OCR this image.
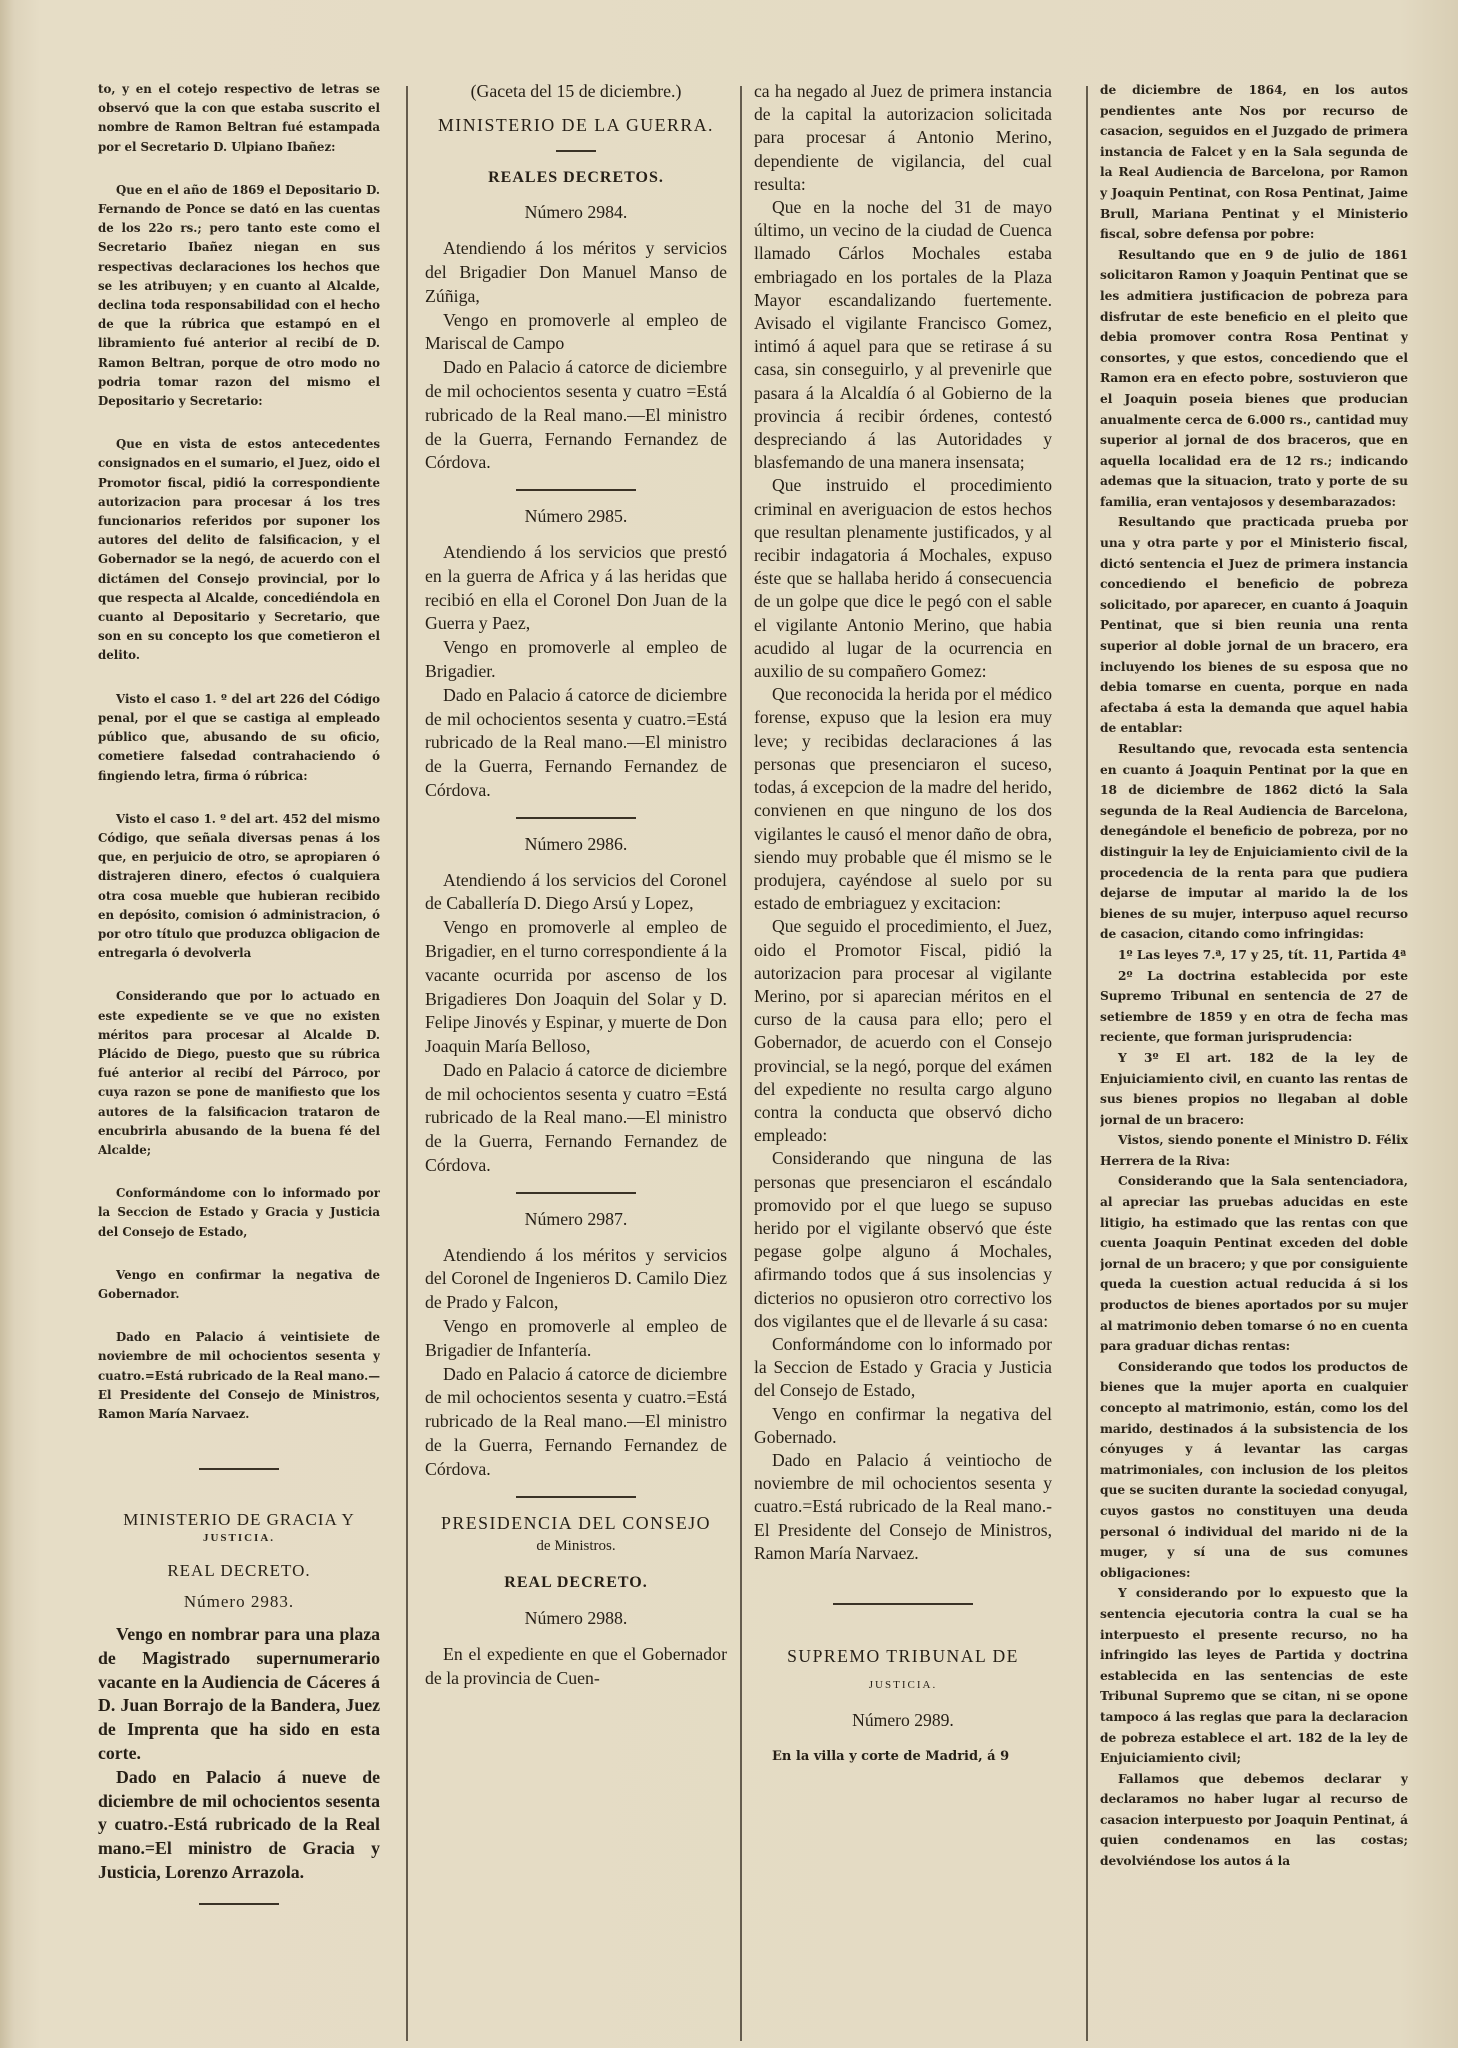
to, y en el cotejo respectivo de letras se observó que la con que estaba suscrito el nombre de Ramon Beltran fué estampada por el Secretario D. Ulpiano Ibañez:

Que en el año de 1869 el Depositario D. Fernando de Ponce se dató en las cuentas de los 22o rs.; pero tanto este como el Secretario Ibañez niegan en sus respectivas declaraciones los hechos que se les atribuyen; y en cuanto al Alcalde, declina toda responsabilidad con el hecho de que la rúbrica que estampó en el libramiento fué anterior al recibí de D. Ramon Beltran, porque de otro modo no podria tomar razon del mismo el Depositario y Secretario:

Que en vista de estos antecedentes consignados en el sumario, el Juez, oido el Promotor fiscal, pidió la correspondiente autorizacion para procesar á los tres funcionarios referidos por suponer los autores del delito de falsificacion, y el Gobernador se la negó, de acuerdo con el dictámen del Consejo provincial, por lo que respecta al Alcalde, concediéndola en cuanto al Depositario y Secretario, que son en su concepto los que cometieron el delito.

Visto el caso 1. º del art 226 del Código penal, por el que se castiga al empleado público que, abusando de su oficio, cometiere falsedad contrahaciendo ó fingiendo letra, firma ó rúbrica:

Visto el caso 1. º del art. 452 del mismo Código, que señala diversas penas á los que, en perjuicio de otro, se apropiaren ó distrajeren dinero, efectos ó cualquiera otra cosa mueble que hubieran recibido en depósito, comision ó administracion, ó por otro título que produzca obligacion de entregarla ó devolverla

Considerando que por lo actuado en este expediente se ve que no existen méritos para procesar al Alcalde D. Plácido de Diego, puesto que su rúbrica fué anterior al recibí del Párroco, por cuya razon se pone de manifiesto que los autores de la falsificacion trataron de encubrirla abusando de la buena fé del Alcalde;

Conformándome con lo informado por la Seccion de Estado y Gracia y Justicia del Consejo de Estado,

Vengo en confirmar la negativa de Gobernador.

Dado en Palacio á veintisiete de noviembre de mil ochocientos sesenta y cuatro.=Está rubricado de la Real mano.—El Presidente del Consejo de Ministros, Ramon María Narvaez.

MINISTERIO DE GRACIA Y
JUSTICIA.
REAL DECRETO.
Número 2983.

Vengo en nombrar para una plaza de Magistrado supernumerario vacante en la Audiencia de Cáceres á D. Juan Borrajo de la Bandera, Juez de Imprenta que ha sido en esta corte.

Dado en Palacio á nueve de diciembre de mil ochocientos sesenta y cuatro.-Está rubricado de la Real mano.=El ministro de Gracia y Justicia, Lorenzo Arrazola.

(Gaceta del 15 de diciembre.)
MINISTERIO DE LA GUERRA.
REALES DECRETOS.
Número 2984.

Atendiendo á los méritos y servicios del Brigadier Don Manuel Manso de Zúñiga,

Vengo en promoverle al empleo de Mariscal de Campo

Dado en Palacio á catorce de diciembre de mil ochocientos sesenta y cuatro =Está rubricado de la Real mano.—El ministro de la Guerra, Fernando Fernandez de Córdova.

Número 2985.

Atendiendo á los servicios que prestó en la guerra de Africa y á las heridas que recibió en ella el Coronel Don Juan de la Guerra y Paez,

Vengo en promoverle al empleo de Brigadier.

Dado en Palacio á catorce de diciembre de mil ochocientos sesenta y cuatro.=Está rubricado de la Real mano.—El ministro de la Guerra, Fernando Fernandez de Córdova.

Número 2986.

Atendiendo á los servicios del Coronel de Caballería D. Diego Arsú y Lopez,

Vengo en promoverle al empleo de Brigadier, en el turno correspondiente á la vacante ocurrida por ascenso de los Brigadieres Don Joaquin del Solar y D. Felipe Jinovés y Espinar, y muerte de Don Joaquin María Belloso,

Dado en Palacio á catorce de diciembre de mil ochocientos sesenta y cuatro =Está rubricado de la Real mano.—El ministro de la Guerra, Fernando Fernandez de Córdova.

Número 2987.

Atendiendo á los méritos y servicios del Coronel de Ingenieros D. Camilo Diez de Prado y Falcon,

Vengo en promoverle al empleo de Brigadier de Infantería.

Dado en Palacio á catorce de diciembre de mil ochocientos sesenta y cuatro.=Está rubricado de la Real mano.—El ministro de la Guerra, Fernando Fernandez de Córdova.

PRESIDENCIA DEL CONSEJO
de Ministros.
REAL DECRETO.
Número 2988.

En el expediente en que el Gobernador de la provincia de Cuen-

ca ha negado al Juez de primera instancia de la capital la autorizacion solicitada para procesar á Antonio Merino, dependiente de vigilancia, del cual resulta:

Que en la noche del 31 de mayo último, un vecino de la ciudad de Cuenca llamado Cárlos Mochales estaba embriagado en los portales de la Plaza Mayor escandalizando fuertemente. Avisado el vigilante Francisco Gomez, intimó á aquel para que se retirase á su casa, sin conseguirlo, y al prevenirle que pasara á la Alcaldía ó al Gobierno de la provincia á recibir órdenes, contestó despreciando á las Autoridades y blasfemando de una manera insensata;

Que instruido el procedimiento criminal en averiguacion de estos hechos que resultan plenamente justificados, y al recibir indagatoria á Mochales, expuso éste que se hallaba herido á consecuencia de un golpe que dice le pegó con el sable el vigilante Antonio Merino, que habia acudido al lugar de la ocurrencia en auxilio de su compañero Gomez:

Que reconocida la herida por el médico forense, expuso que la lesion era muy leve; y recibidas declaraciones á las personas que presenciaron el suceso, todas, á excepcion de la madre del herido, convienen en que ninguno de los dos vigilantes le causó el menor daño de obra, siendo muy probable que él mismo se le produjera, cayéndose al suelo por su estado de embriaguez y excitacion:

Que seguido el procedimiento, el Juez, oido el Promotor Fiscal, pidió la autorizacion para procesar al vigilante Merino, por si aparecian méritos en el curso de la causa para ello; pero el Gobernador, de acuerdo con el Consejo provincial, se la negó, porque del exámen del expediente no resulta cargo alguno contra la conducta que observó dicho empleado:

Considerando que ninguna de las personas que presenciaron el escándalo promovido por el que luego se supuso herido por el vigilante observó que éste pegase golpe alguno á Mochales, afirmando todos que á sus insolencias y dicterios no opusieron otro correctivo los dos vigilantes que el de llevarle á su casa:

Conformándome con lo informado por la Seccion de Estado y Gracia y Justicia del Consejo de Estado,

Vengo en confirmar la negativa del Gobernado.

Dado en Palacio á veintiocho de noviembre de mil ochocientos sesenta y cuatro.=Está rubricado de la Real mano.-El Presidente del Consejo de Ministros, Ramon María Narvaez.

SUPREMO TRIBUNAL DE
JUSTICIA.
Número 2989.

En la villa y corte de Madrid, á 9

de diciembre de 1864, en los autos pendientes ante Nos por recurso de casacion, seguidos en el Juzgado de primera instancia de Falcet y en la Sala segunda de la Real Audiencia de Barcelona, por Ramon y Joaquin Pentinat, con Rosa Pentinat, Jaime Brull, Mariana Pentinat y el Ministerio fiscal, sobre defensa por pobre:

Resultando que en 9 de julio de 1861 solicitaron Ramon y Joaquin Pentinat que se les admitiera justificacion de pobreza para disfrutar de este beneficio en el pleito que debia promover contra Rosa Pentinat y consortes, y que estos, concediendo que el Ramon era en efecto pobre, sostuvieron que el Joaquin poseia bienes que producian anualmente cerca de 6.000 rs., cantidad muy superior al jornal de dos braceros, que en aquella localidad era de 12 rs.; indicando ademas que la situacion, trato y porte de su familia, eran ventajosos y desembarazados:

Resultando que practicada prueba por una y otra parte y por el Ministerio fiscal, dictó sentencia el Juez de primera instancia concediendo el beneficio de pobreza solicitado, por aparecer, en cuanto á Joaquin Pentinat, que si bien reunia una renta superior al doble jornal de un bracero, era incluyendo los bienes de su esposa que no debia tomarse en cuenta, porque en nada afectaba á esta la demanda que aquel habia de entablar:

Resultando que, revocada esta sentencia en cuanto á Joaquin Pentinat por la que en 18 de diciembre de 1862 dictó la Sala segunda de la Real Audiencia de Barcelona, denegándole el beneficio de pobreza, por no distinguir la ley de Enjuiciamiento civil de la procedencia de la renta para que pudiera dejarse de imputar al marido la de los bienes de su mujer, interpuso aquel recurso de casacion, citando como infringidas:

1º Las leyes 7.ª, 17 y 25, tít. 11, Partida 4ª

2º La doctrina establecida por este Supremo Tribunal en sentencia de 27 de setiembre de 1859 y en otra de fecha mas reciente, que forman jurisprudencia:

Y 3º El art. 182 de la ley de Enjuiciamiento civil, en cuanto las rentas de sus bienes propios no llegaban al doble jornal de un bracero:

Vistos, siendo ponente el Ministro D. Félix Herrera de la Riva:

Considerando que la Sala sentenciadora, al apreciar las pruebas aducidas en este litigio, ha estimado que las rentas con que cuenta Joaquin Pentinat exceden del doble jornal de un bracero; y que por consiguiente queda la cuestion actual reducida á si los productos de bienes aportados por su mujer al matrimonio deben tomarse ó no en cuenta para graduar dichas rentas:

Considerando que todos los productos de bienes que la mujer aporta en cualquier concepto al matrimonio, están, como los del marido, destinados á la subsistencia de los cónyuges y á levantar las cargas matrimoniales, con inclusion de los pleitos que se suciten durante la sociedad conyugal, cuyos gastos no constituyen una deuda personal ó individual del marido ni de la muger, y sí una de sus comunes obligaciones:

Y considerando por lo expuesto que la sentencia ejecutoria contra la cual se ha interpuesto el presente recurso, no ha infringido las leyes de Partida y doctrina establecida en las sentencias de este Tribunal Supremo que se citan, ni se opone tampoco á las reglas que para la declaracion de pobreza establece el art. 182 de la ley de Enjuiciamiento civil;

Fallamos que debemos declarar y declaramos no haber lugar al recurso de casacion interpuesto por Joaquin Pentinat, á quien condenamos en las costas; devolviéndose los autos á la
